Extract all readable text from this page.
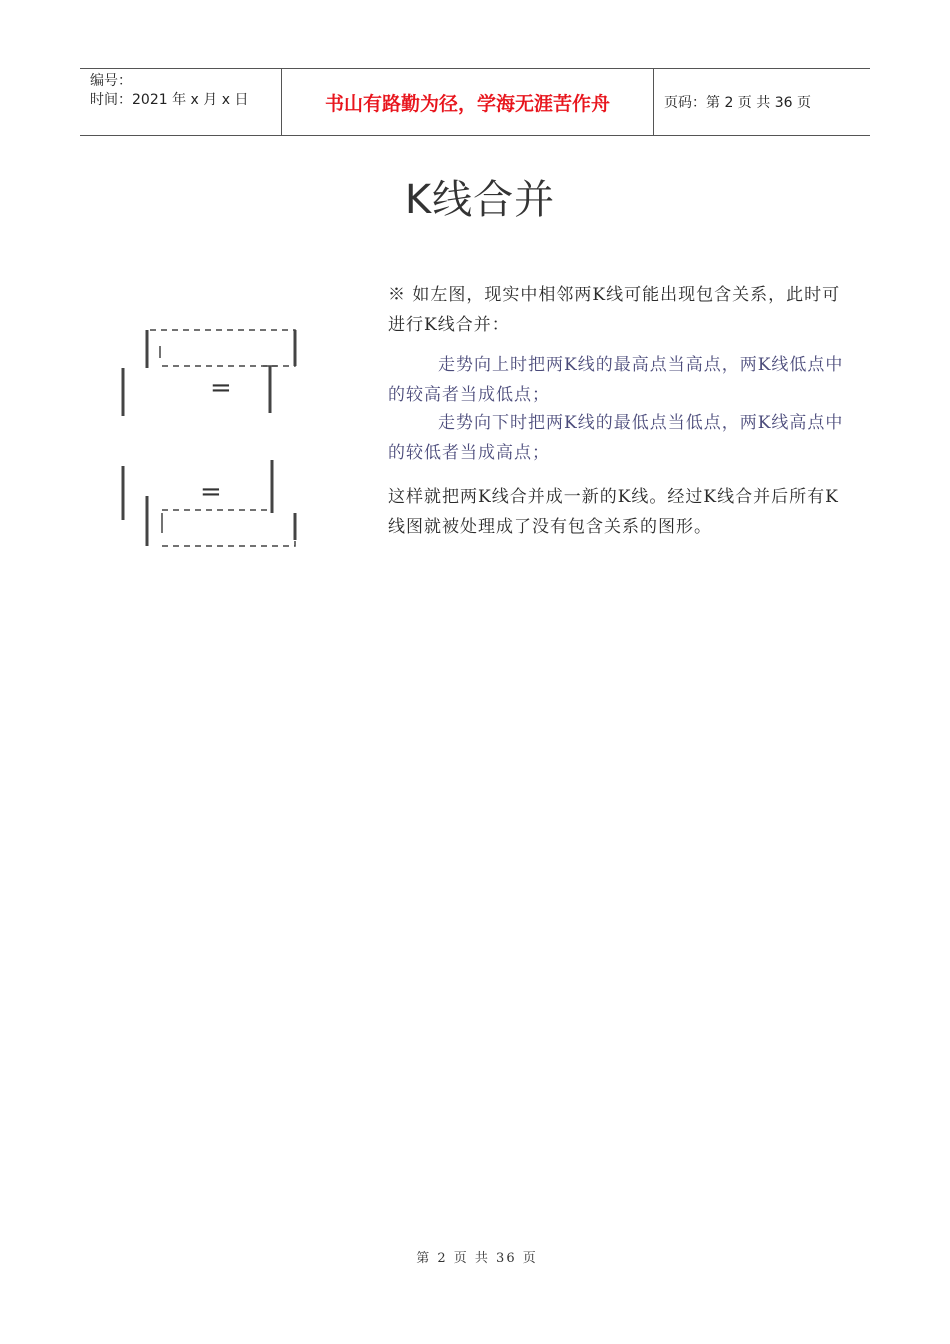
编号：
时间：2021 年 x 月 x 日	书山有路勤为径，学海无涯苦作舟	页码：第 2 页 共 36 页
K线合并
=
=
※ 如左图，现实中相邻两K线可能出现包含关系，此时可进行K线合并：
走势向上时把两K线的最高点当高点，两K线低点中的较高者当成低点；
走势向下时把两K线的最低点当低点，两K线高点中的较低者当成高点；
这样就把两K线合并成一新的K线。经过K线合并后所有K线图就被处理成了没有包含关系的图形。
第 2 页 共 36 页
